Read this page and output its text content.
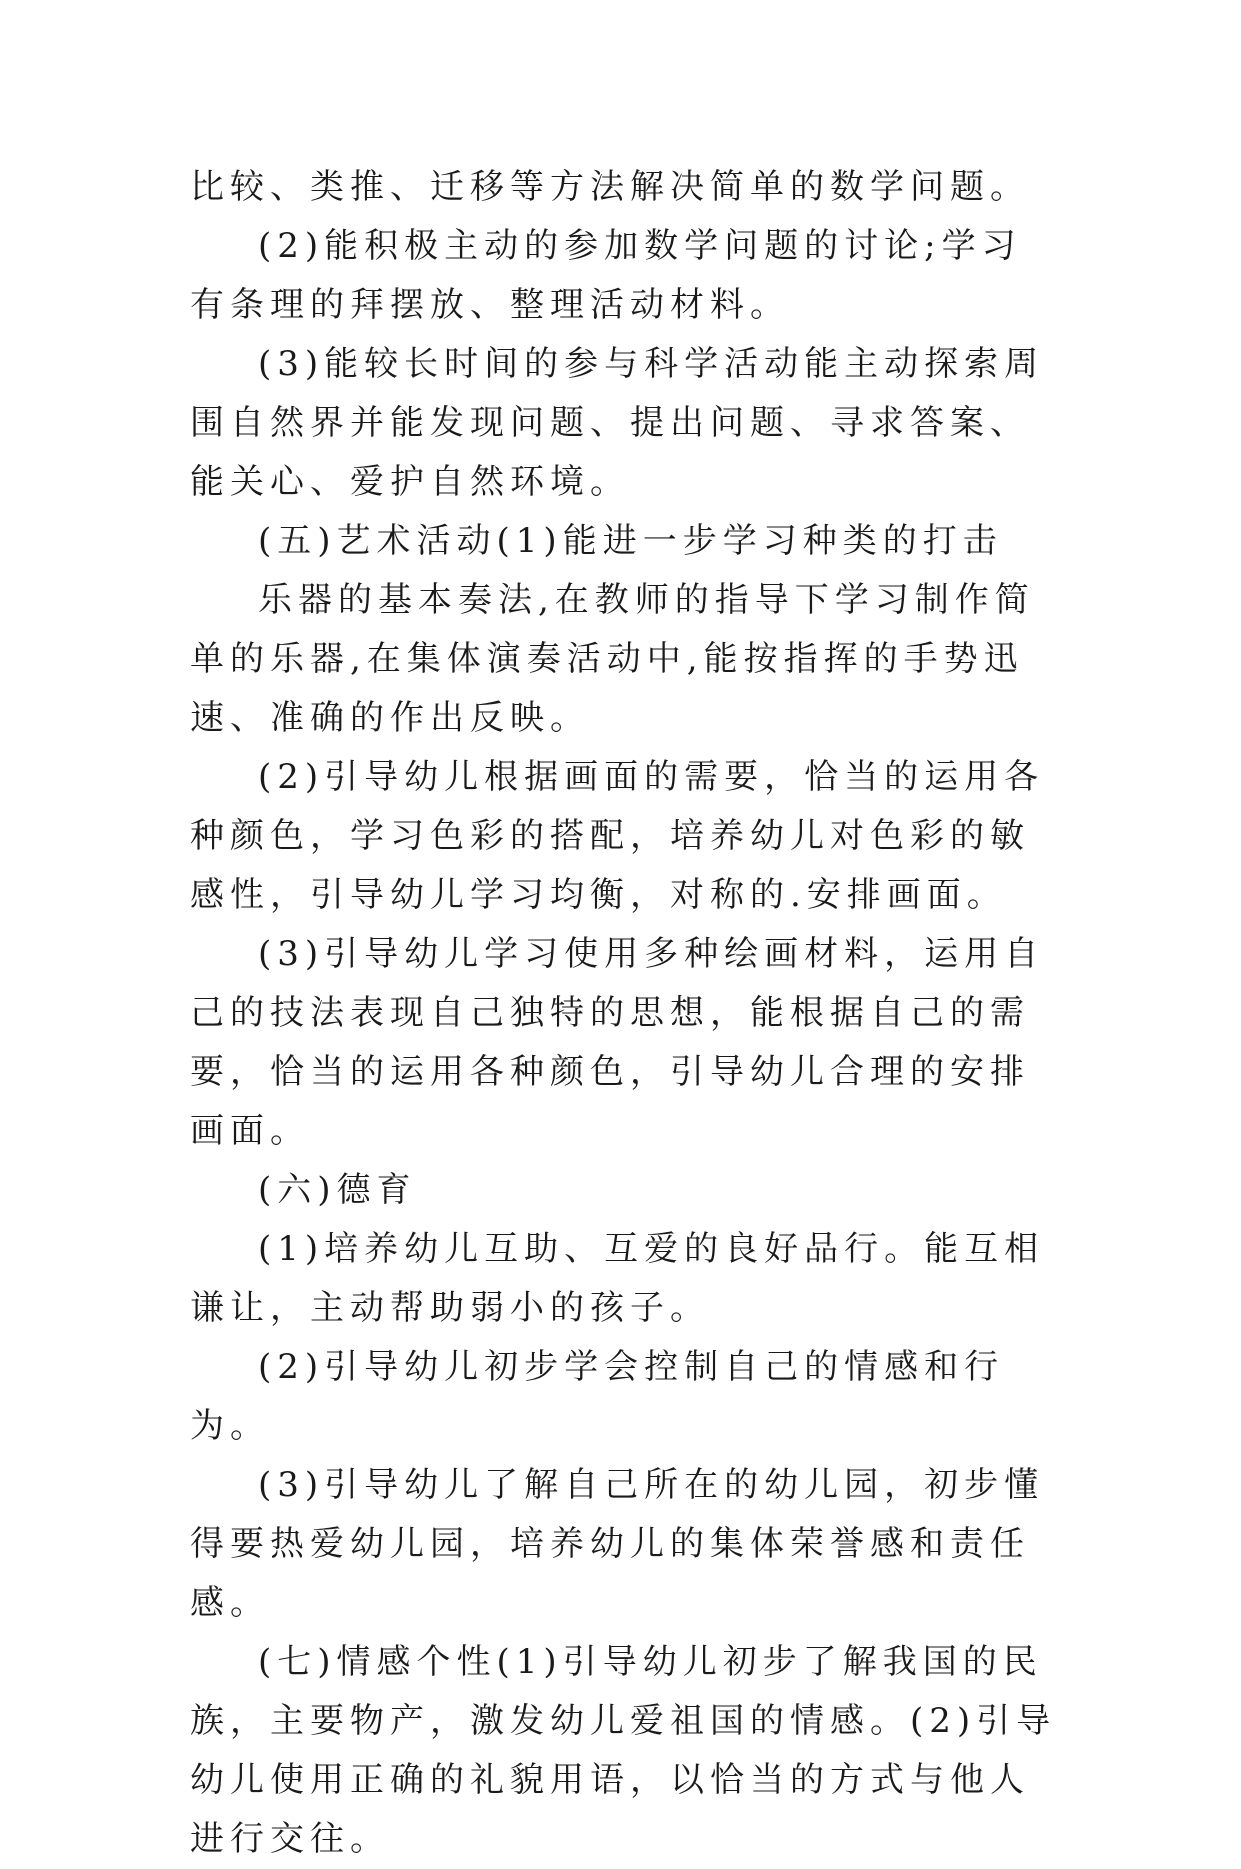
比较、类推、迁移等方法解决简单的数学问题。

(2)能积极主动的参加数学问题的讨论;学习有条理的拜摆放、整理活动材料。

(3)能较长时间的参与科学活动能主动探索周围自然界并能发现问题、提出问题、寻求答案、能关心、爱护自然环境。

(五)艺术活动(1)能进一步学习种类的打击

乐器的基本奏法,在教师的指导下学习制作简单的乐器,在集体演奏活动中,能按指挥的手势迅速、准确的作出反映。

(2)引导幼儿根据画面的需要，恰当的运用各种颜色，学习色彩的搭配，培养幼儿对色彩的敏感性，引导幼儿学习均衡，对称的.安排画面。

(3)引导幼儿学习使用多种绘画材料，运用自己的技法表现自己独特的思想，能根据自己的需要，恰当的运用各种颜色，引导幼儿合理的安排画面。

(六)德育

(1)培养幼儿互助、互爱的良好品行。能互相谦让，主动帮助弱小的孩子。

(2)引导幼儿初步学会控制自己的情感和行为。

(3)引导幼儿了解自己所在的幼儿园，初步懂得要热爱幼儿园，培养幼儿的集体荣誉感和责任感。

(七)情感个性(1)引导幼儿初步了解我国的民族，主要物产，激发幼儿爱祖国的情感。(2)引导幼儿使用正确的礼貌用语，以恰当的方式与他人进行交往。
